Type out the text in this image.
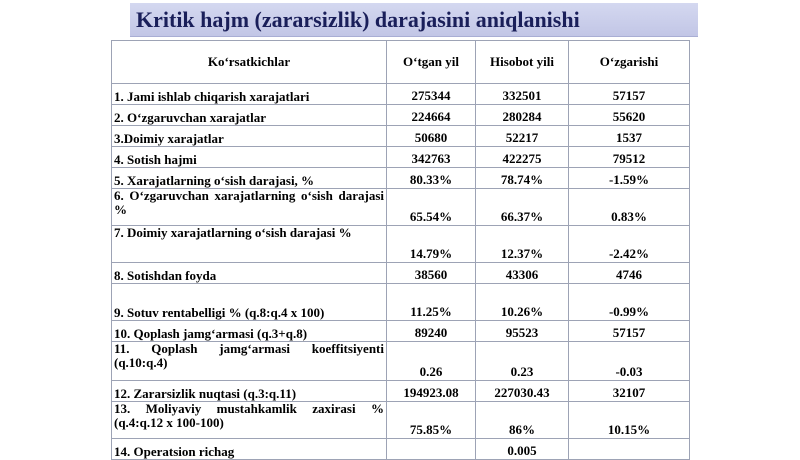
Kritik hajm (zararsizlik) darajasini aniqlanishi
Ko‘rsatkichlar	O‘tgan yil	Hisobot yili	O‘zgarishi
1. Jami ishlab chiqarish xarajatlari	275344	332501	57157
2. O‘zgaruvchan xarajatlar	224664	280284	55620
3.Doimiy xarajatlar	50680	52217	1537
4. Sotish hajmi	342763	422275	79512
5. Xarajatlarning o‘sish darajasi, %	80.33%	78.74%	-1.59%
6. O‘zgaruvchan xarajatlarning o‘sish darajasi %	65.54%	66.37%	0.83%
7. Doimiy xarajatlarning o‘sish darajasi %	14.79%	12.37%	-2.42%
8. Sotishdan foyda	38560	43306	4746
9. Sotuv rentabelligi % (q.8:q.4 x 100)	11.25%	10.26%	-0.99%
10. Qoplash jamg‘armasi (q.3+q.8)	89240	95523	57157
11. Qoplash jamg‘armasi koeffitsiyenti (q.10:q.4)	0.26	0.23	-0.03
12. Zararsizlik nuqtasi (q.3:q.11)	194923.08	227030.43	32107
13. Moliyaviy mustahkamlik zaxirasi % (q.4:q.12 x 100-100)	75.85%	86%	10.15%
14. Operatsion richag		0.005	
